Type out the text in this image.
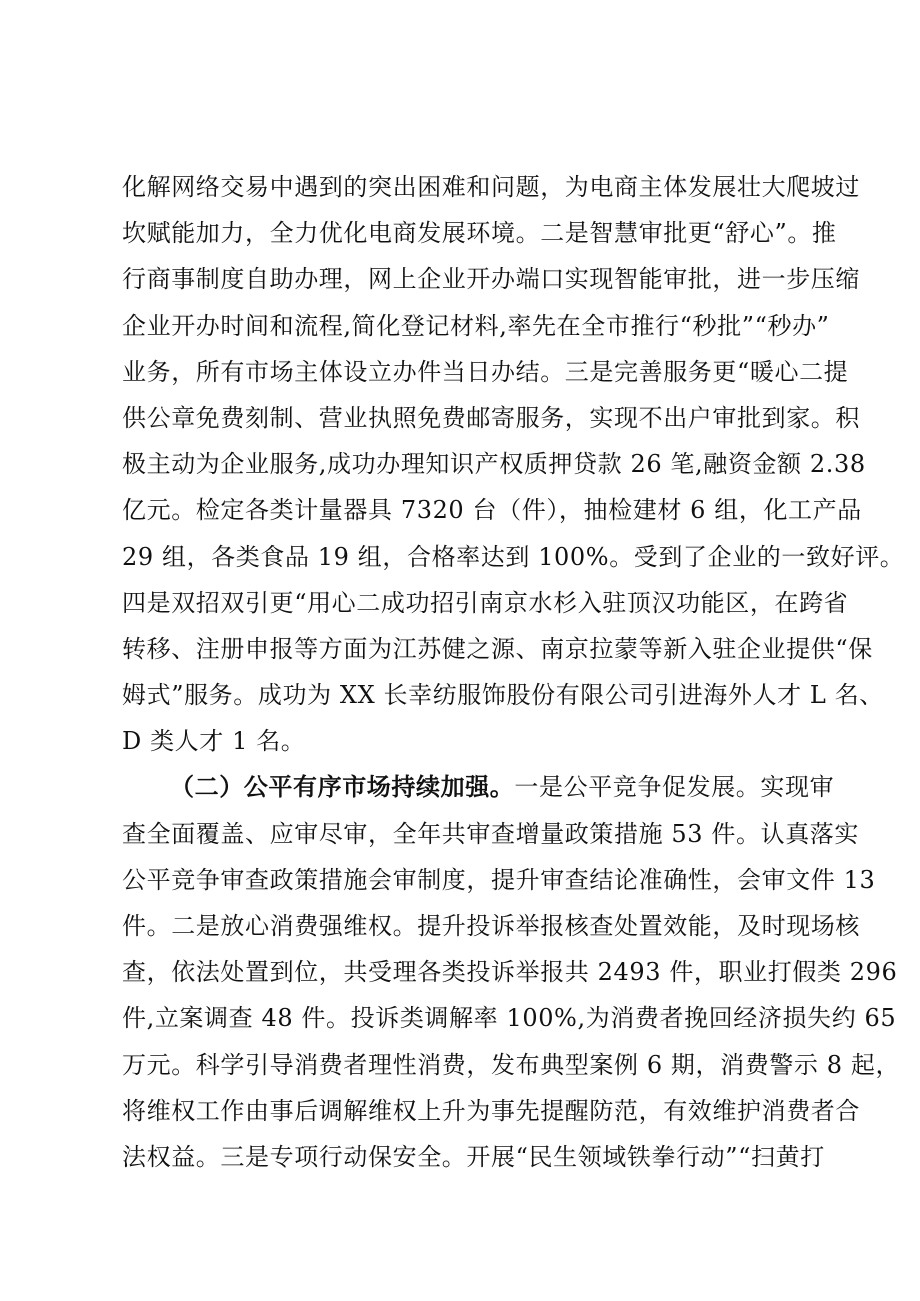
化解网络交易中遇到的突出困难和问题，为电商主体发展壮大爬坡过
坎赋能加力，全力优化电商发展环境。二是智慧审批更“舒心”。推
行商事制度自助办理，网上企业开办端口实现智能审批，进一步压缩
企业开办时间和流程,简化登记材料,率先在全市推行“秒批”“秒办”
业务，所有市场主体设立办件当日办结。三是完善服务更“暖心二提
供公章免费刻制、营业执照免费邮寄服务，实现不出户审批到家。积
极主动为企业服务,成功办理知识产权质押贷款 26 笔,融资金额 2.38
亿元。检定各类计量器具 7320 台（件），抽检建材 6 组，化工产品
29 组，各类食品 19 组，合格率达到 100%。受到了企业的一致好评。
四是双招双引更“用心二成功招引南京水杉入驻顶汉功能区，在跨省
转移、注册申报等方面为江苏健之源、南京拉蒙等新入驻企业提供“保
姆式”服务。成功为 XX 长幸纺服饰股份有限公司引进海外人才 L 名、
D 类人才 1 名。
（二）公平有序市场持续加强。一是公平竞争促发展。实现审
查全面覆盖、应审尽审，全年共审查增量政策措施 53 件。认真落实
公平竞争审查政策措施会审制度，提升审查结论准确性，会审文件 13
件。二是放心消费强维权。提升投诉举报核查处置效能，及时现场核
查，依法处置到位，共受理各类投诉举报共 2493 件，职业打假类 296
件,立案调查 48 件。投诉类调解率 100%,为消费者挽回经济损失约 65
万元。科学引导消费者理性消费，发布典型案例 6 期，消费警示 8 起，
将维权工作由事后调解维权上升为事先提醒防范，有效维护消费者合
法权益。三是专项行动保安全。开展“民生领域铁拳行动”“扫黄打
